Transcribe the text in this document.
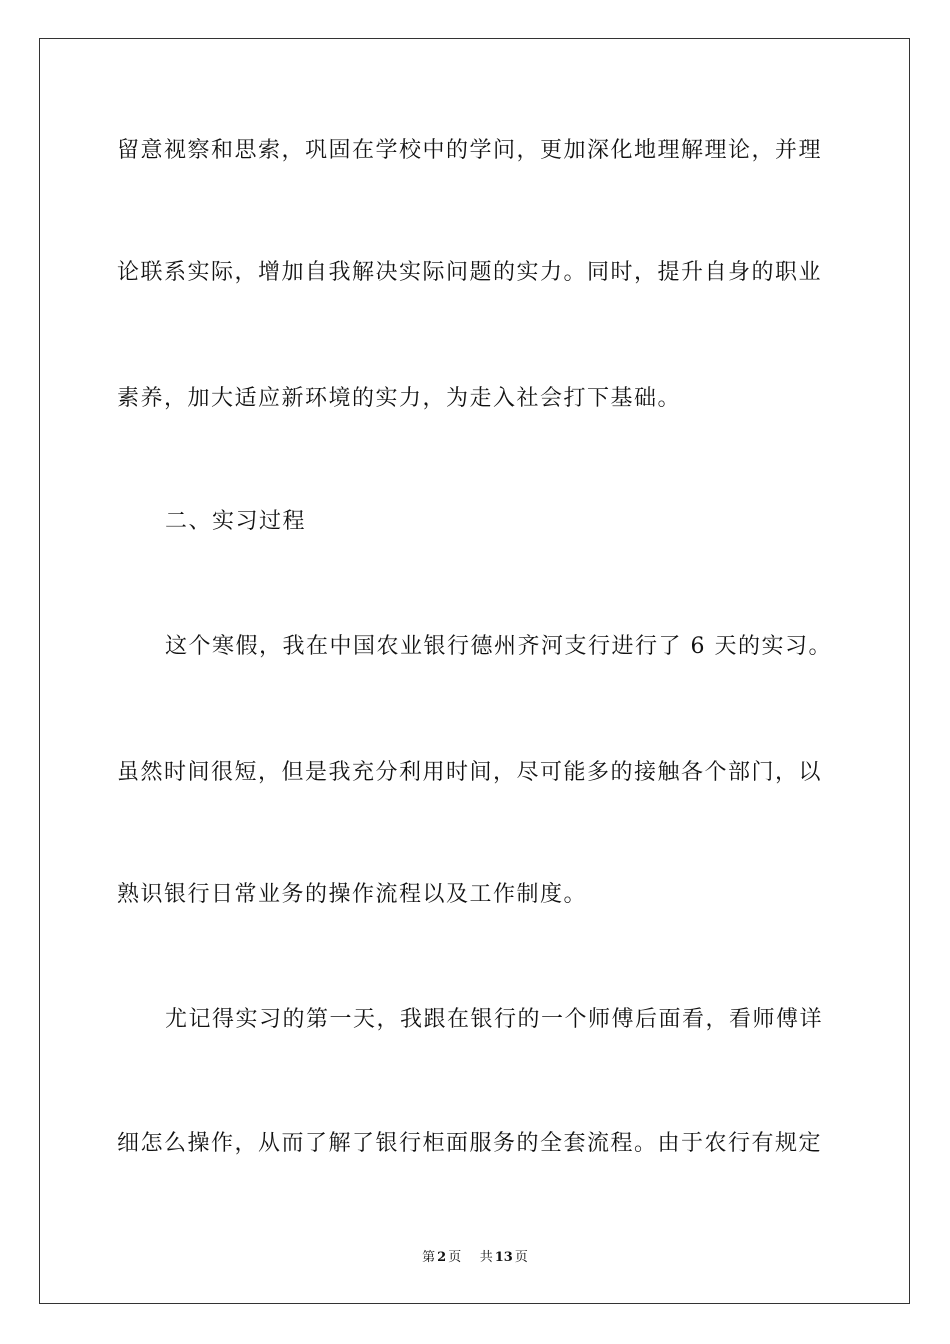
留意视察和思索，巩固在学校中的学问，更加深化地理解理论，并理
论联系实际，增加自我解决实际问题的实力。同时，提升自身的职业
素养，加大适应新环境的实力，为走入社会打下基础。
二、实习过程
这个寒假，我在中国农业银行德州齐河支行进行了 6 天的实习。
虽然时间很短，但是我充分利用时间，尽可能多的接触各个部门，以
熟识银行日常业务的操作流程以及工作制度。
尤记得实习的第一天，我跟在银行的一个师傅后面看，看师傅详
细怎么操作，从而了解了银行柜面服务的全套流程。由于农行有规定
第 2 页 共 13 页
